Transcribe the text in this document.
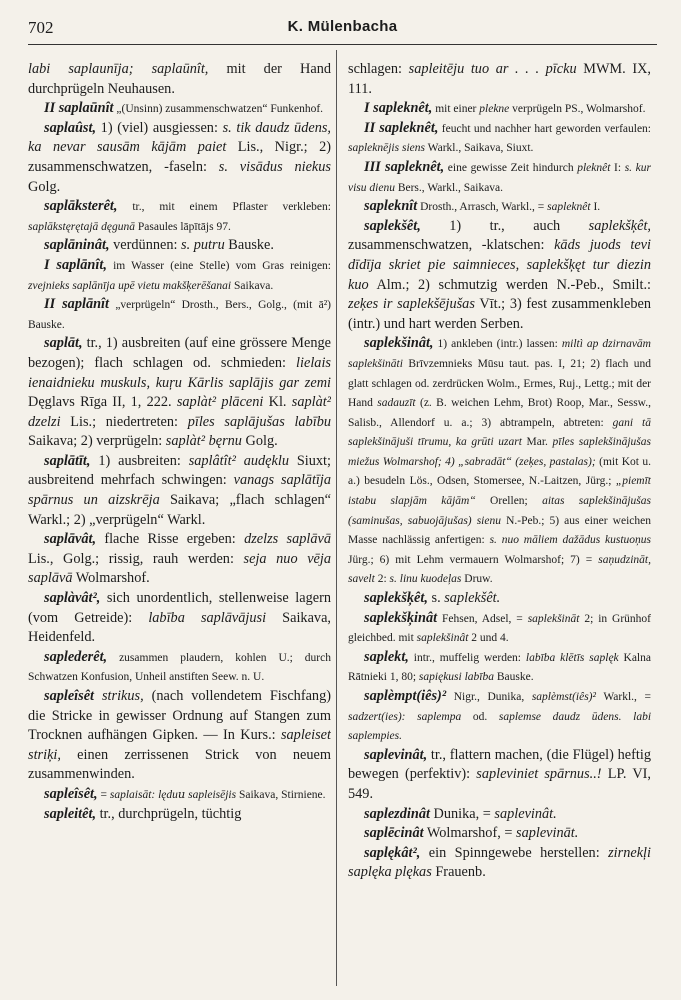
702	K. Mülenbacha

labi saplaunīja; saplaūnît, mit der Hand durchprügeln Neuhausen.

II saplaūnît „(Unsinn) zusammenschwatzen“ Funkenhof.

saplaûst, 1) (viel) ausgiessen: s. tik daudz ūdens, ka nevar sausām kājām paiet Lis., Nigr.; 2) zusammenschwatzen, -faseln: s. visādus niekus Golg.

saplāksterêt, tr., mit einem Pflaster verkleben: saplākstęrętajā dęgunā Pasaules lāpītājs 97.

saplāninât, verdünnen: s. putru Bauske.

I saplānît, im Wasser (eine Stelle) vom Gras reinigen: zvejnieks saplānīja upē vietu makšķerēšanai Saikava.

II saplānît „verprügeln“ Drosth., Bers., Golg., (mit ā²) Bauske.

saplāt, tr., 1) ausbreiten (auf eine grössere Menge bezogen); flach schlagen od. schmieden: lielais ienaidnieku muskuls, kuŗu Kārlis saplājis gar zemi Dęglavs Rīga II, 1, 222. saplàt² plāceni Kl. saplàt² dzelzi Lis.; niedertreten: pīles saplājušas labību Saikava; 2) verprügeln: saplàt² bęrnu Golg.

saplātīt, 1) ausbreiten: saplâtît² audęklu Siuxt; ausbreitend mehrfach schwingen: vanags saplātīja spārnus un aizskrēja Saikava; „flach schlagen“ Warkl.; 2) „verprügeln“ Warkl.

saplāvât, flache Risse ergeben: dzelzs saplāvā Lis., Golg.; rissig, rauh werden: seja nuo vēja saplāvā Wolmarshof.

saplàvât², sich unordentlich, stellenweise lagern (vom Getreide): labība saplāvājusi Saikava, Heidenfeld.

saplederêt, zusammen plaudern, kohlen U.; durch Schwatzen Konfusion, Unheil anstiften Seew. n. U.

sapleîsêt strikus, (nach vollendetem Fischfang) die Stricke in gewisser Ordnung auf Stangen zum Trocknen aufhängen Gipken. — In Kurs.: sapleiset striķi, einen zerrissenen Strick von neuem zusammenwinden.

sapleîsêt, = saplaisāt: lęduս sapleisējis Saikava, Stirniene.

sapleitêt, tr., durchprügeln, tüchtig

schlagen: sapleitēju tuo ar . . . pīcku MWM. IX, 111.

I sapleknêt, mit einer plekne verprügeln PS., Wolmarshof.

II sapleknêt, feucht und nachher hart geworden verfaulen: sapleknējis siens Warkl., Saikava, Siuxt.

III sapleknêt, eine gewisse Zeit hindurch pleknêt I: s. kur visu dienu Bers., Warkl., Saikava.

sapleknît Drosth., Arrasch, Warkl., = sapleknêt I.

saplekšêt, 1) tr., auch saplekšķêt, zusammenschwatzen, -klatschen: kāds juods tevi dīdīja skriet pie saimnieces, saplekšķęt tur diezin kuo Alm.; 2) schmutzig werden N.-Peb., Smilt.: zeķes ir saplekšējušas Vīt.; 3) fest zusammenkleben (intr.) und hart werden Serben.

saplekšinât, 1) ankleben (intr.) lassen: miltì ap dzirnavām saplekšināti Brīvzemnieks Mūsu taut. pas. I, 21; 2) flach und glatt schlagen od. zerdrücken Wolm., Ermes, Ruj., Lettg.; mit der Hand sadauzīt (z. B. weichen Lehm, Brot) Roop, Mar., Sessw., Salisb., Allendorf u. a.; 3) abtrampeln, abtreten: gani tā saplekšinājuši tīrumu, ka grūti uzart Mar. pīles saplekšinājušas miežus Wolmarshof; 4) „sabradāt“ (zeķes, pastalas); (mit Kot u. a.) besudeln Lös., Odsen, Stomersee, N.-Laitzen, Jürg.; „piemīt istabu slapjām kājām“ Orellen; aitas saplekšinājušas (saminušas, sabuojājušas) sienu N.-Peb.; 5) aus einer weichen Masse nachlässig anfertigen: s. nuo māliem dažādus kustuoņus Jürg.; 6) mit Lehm vermauern Wolmarshof; 7) = saņudzināt, savelt 2: s. linu kuodeļas Druw.

saplekšķêt, s. saplekšêt.

saplekšķinât Fehsen, Adsel, = saplekšināt 2; in Grünhof gleichbed. mit saplekšinât 2 und 4.

saplekt, intr., muffelig werden: labība klētīs saplęk Kalna Rātnieki 1, 80; sapiękusi labība Bauske.

saplèmpt(iês)² Nigr., Dunika, saplèmst(iês)² Warkl., = sadzert(ies): saplempa od. saplemse daudz ūdens. labi saplempies.

saplevinât, tr., flattern machen, (die Flügel) heftig bewegen (perfektiv): sapleviniet spārnus..! LP. VI, 549.

saplezdinât Dunika, = saplevinât.

saplēcinât Wolmarshof, = saplevināt.

saplękât², ein Spinngewebe herstellen: zirnekļi saplęka plękas Frauenb.
